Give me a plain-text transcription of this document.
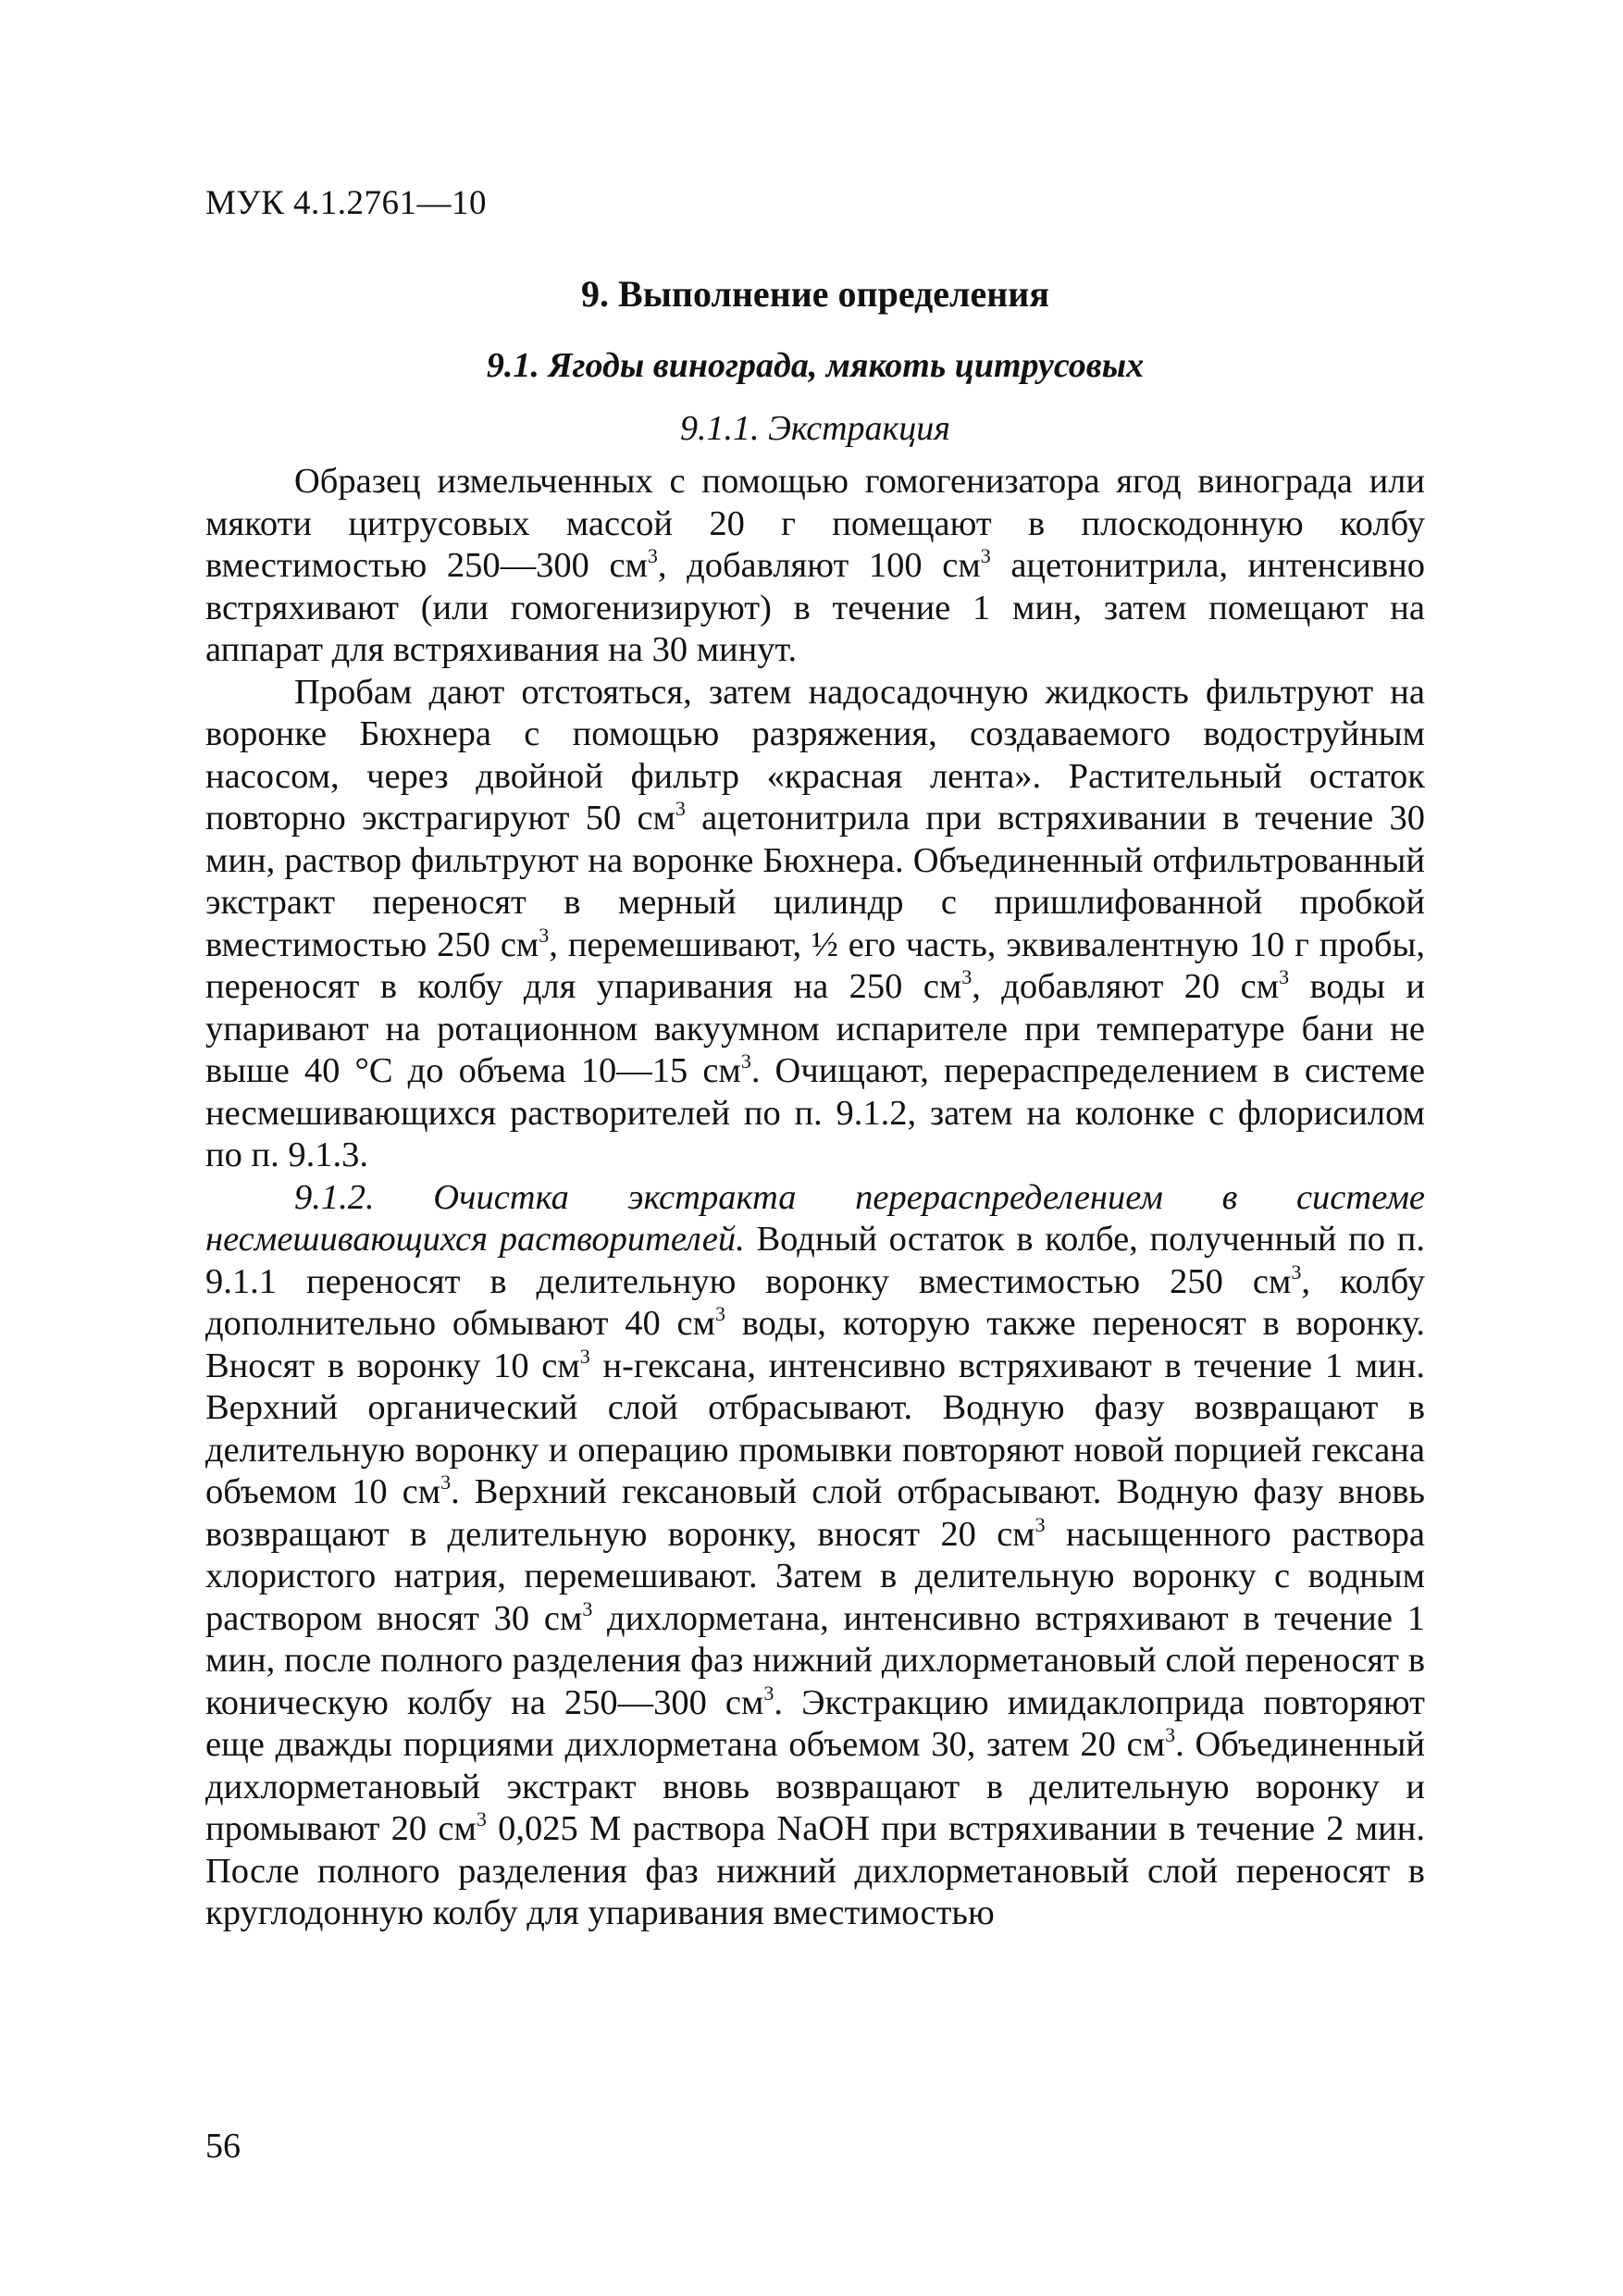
МУК 4.1.2761—10
9. Выполнение определения
9.1. Ягоды винограда, мякоть цитрусовых
9.1.1. Экстракция

Образец измельченных с помощью гомогенизатора ягод винограда или мякоти цитрусовых массой 20 г помещают в плоскодонную колбу вместимостью 250—300 $см^3$, добавляют 100 $см^3$ ацетонитрила, интенсивно встряхивают (или гомогенизируют) в течение 1 мин, затем помещают на аппарат для встряхивания на 30 минут.

Пробам дают отстояться, затем надосадочную жидкость фильтруют на воронке Бюхнера с помощью разряжения, создаваемого водоструйным насосом, через двойной фильтр «красная лента». Растительный остаток повторно экстрагируют 50 $см^3$ ацетонитрила при встряхивании в течение 30 мин, раствор фильтруют на воронке Бюхнера. Объединенный отфильтрованный экстракт переносят в мерный цилиндр с пришлифованной пробкой вместимостью 250 $см^3$, перемешивают, ½ его часть, эквивалентную 10 г пробы, переносят в колбу для упаривания на 250 $см^3$, добавляют 20 $см^3$ воды и упаривают на ротационном вакуумном испарителе при температуре бани не выше 40 °С до объема 10—15 $см^3$. Очищают, перераспределением в системе несмешивающихся растворителей по п. 9.1.2, затем на колонке с флорисилом по п. 9.1.3.

9.1.2. Очистка экстракта перераспределением в системе несмешивающихся растворителей. Водный остаток в колбе, полученный по п. 9.1.1 переносят в делительную воронку вместимостью 250 $см^3$, колбу дополнительно обмывают 40 $см^3$ воды, которую также переносят в воронку. Вносят в воронку 10 $см^3$ н-гексана, интенсивно встряхивают в течение 1 мин. Верхний органический слой отбрасывают. Водную фазу возвращают в делительную воронку и операцию промывки повторяют новой порцией гексана объемом 10 $см^3$. Верхний гексановый слой отбрасывают. Водную фазу вновь возвращают в делительную воронку, вносят 20 $см^3$ насыщенного раствора хлористого натрия, перемешивают. Затем в делительную воронку с водным раствором вносят 30 $см^3$ дихлорметана, интенсивно встряхивают в течение 1 мин, после полного разделения фаз нижний дихлорметановый слой переносят в коническую колбу на 250—300 $см^3$. Экстракцию имидаклоприда повторяют еще дважды порциями дихлорметана объемом 30, затем 20 $см^3$. Объединенный дихлорметановый экстракт вновь возвращают в делительную воронку и промывают 20 $см^3$ 0,025 М раствора NaOH при встряхивании в течение 2 мин. После полного разделения фаз нижний дихлорметановый слой переносят в круглодонную колбу для упаривания вместимостью

56
